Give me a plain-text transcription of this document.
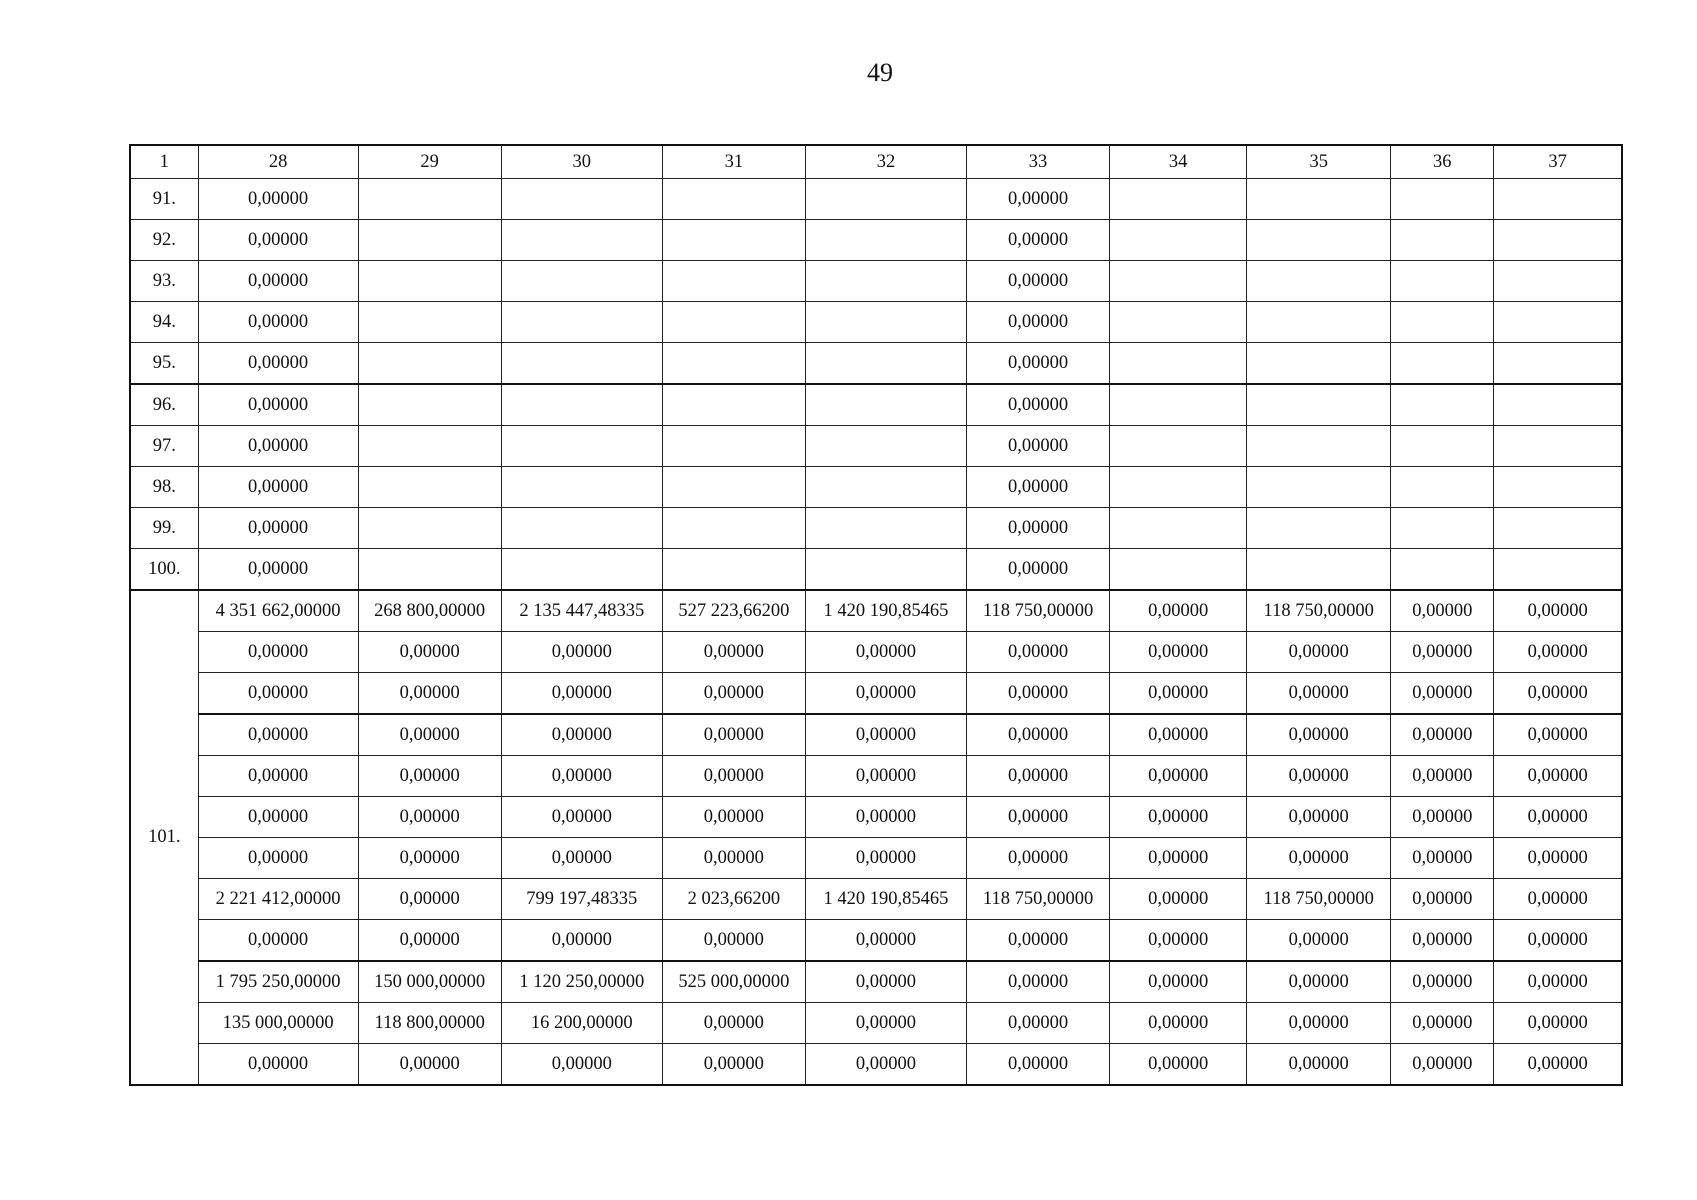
49
1	28	29	30	31	32	33	34	35	36	37
91.	0,00000					0,00000				
92.	0,00000					0,00000				
93.	0,00000					0,00000				
94.	0,00000					0,00000				
95.	0,00000					0,00000				
96.	0,00000					0,00000				
97.	0,00000					0,00000				
98.	0,00000					0,00000				
99.	0,00000					0,00000				
100.	0,00000					0,00000				
101.	4 351 662,00000	268 800,00000	2 135 447,48335	527 223,66200	1 420 190,85465	118 750,00000	0,00000	118 750,00000	0,00000	0,00000
	0,00000	0,00000	0,00000	0,00000	0,00000	0,00000	0,00000	0,00000	0,00000	0,00000
	0,00000	0,00000	0,00000	0,00000	0,00000	0,00000	0,00000	0,00000	0,00000	0,00000
	0,00000	0,00000	0,00000	0,00000	0,00000	0,00000	0,00000	0,00000	0,00000	0,00000
	0,00000	0,00000	0,00000	0,00000	0,00000	0,00000	0,00000	0,00000	0,00000	0,00000
	0,00000	0,00000	0,00000	0,00000	0,00000	0,00000	0,00000	0,00000	0,00000	0,00000
	0,00000	0,00000	0,00000	0,00000	0,00000	0,00000	0,00000	0,00000	0,00000	0,00000
	2 221 412,00000	0,00000	799 197,48335	2 023,66200	1 420 190,85465	118 750,00000	0,00000	118 750,00000	0,00000	0,00000
	0,00000	0,00000	0,00000	0,00000	0,00000	0,00000	0,00000	0,00000	0,00000	0,00000
	1 795 250,00000	150 000,00000	1 120 250,00000	525 000,00000	0,00000	0,00000	0,00000	0,00000	0,00000	0,00000
	135 000,00000	118 800,00000	16 200,00000	0,00000	0,00000	0,00000	0,00000	0,00000	0,00000	0,00000
	0,00000	0,00000	0,00000	0,00000	0,00000	0,00000	0,00000	0,00000	0,00000	0,00000
